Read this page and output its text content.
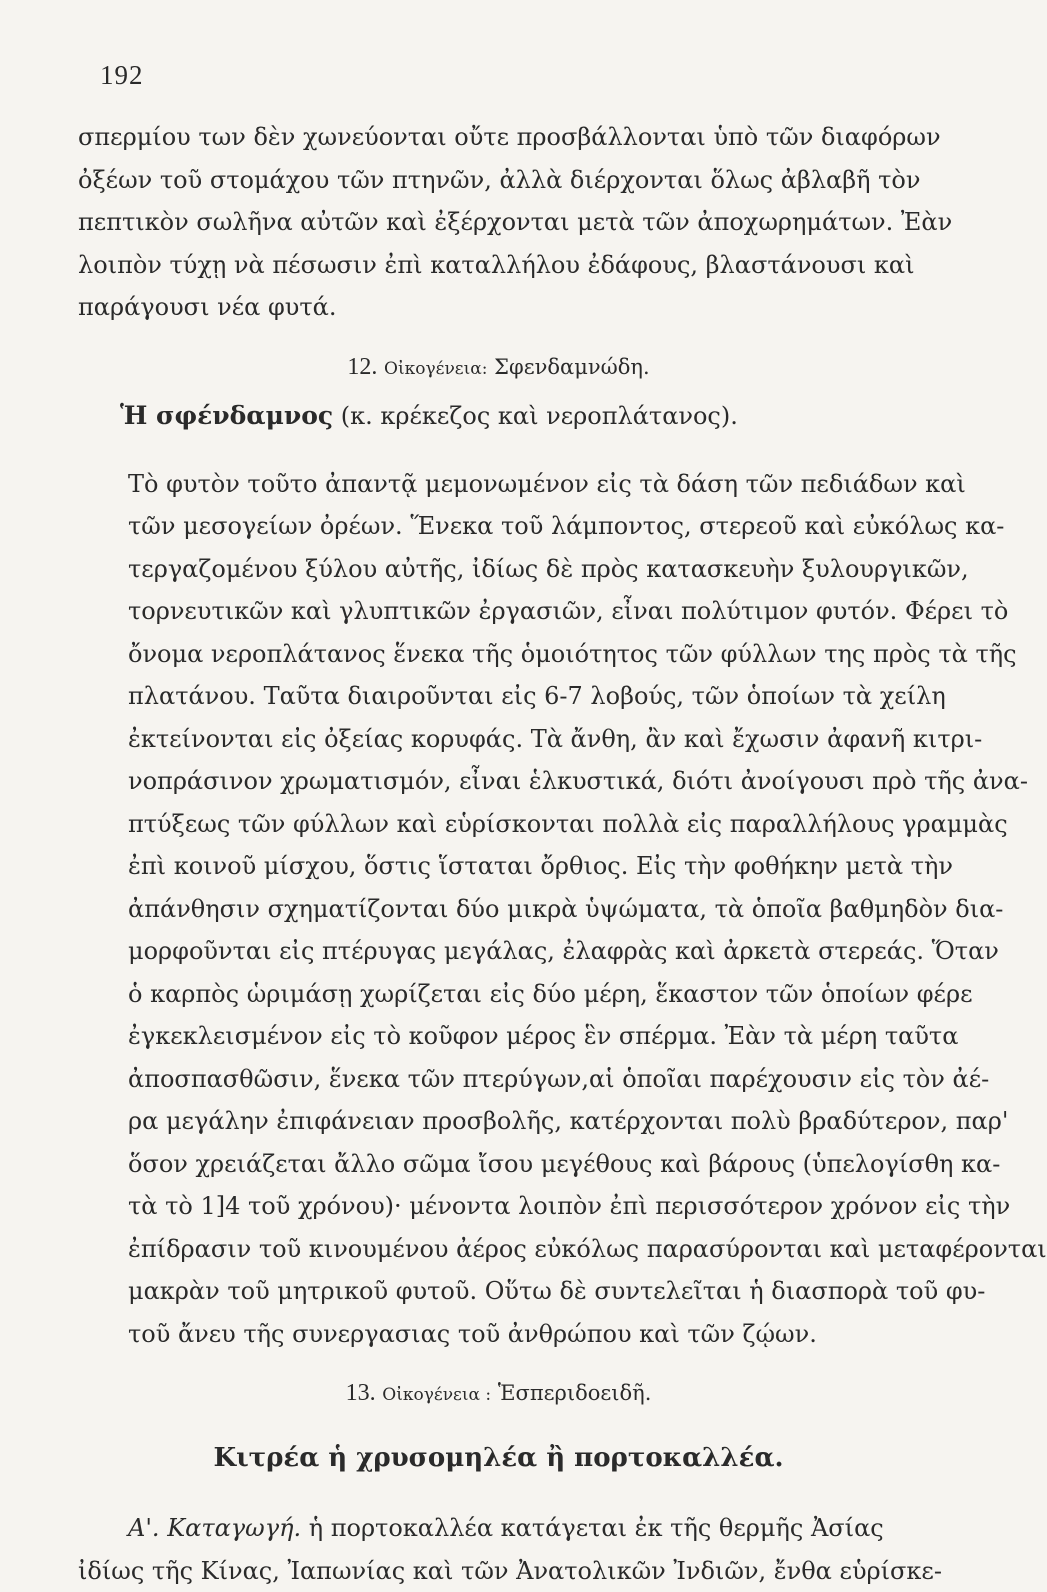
192

σπερμίου των δὲν χωνεύονται οὔτε προσβάλλονται ὑπὸ τῶν διαφόρων
ὀξέων τοῦ στομάχου τῶν πτηνῶν, ἀλλὰ διέρχονται ὅλως ἀβλαβῆ τὸν
πεπτικὸν σωλῆνα αὐτῶν καὶ ἐξέρχονται μετὰ τῶν ἀποχωρημάτων. Ἐὰν
λοιπὸν τύχῃ νὰ πέσωσιν ἐπὶ καταλλήλου ἐδάφους, βλαστάνουσι καὶ
παράγουσι νέα φυτά.

12. Οἰκογένεια: Σφενδαμνώδη.
Ἡ σφένδαμνος (κ. κρέκεζος καὶ νεροπλάτανος).

Τὸ φυτὸν τοῦτο ἀπαντᾷ μεμονωμένον εἰς τὰ δάση τῶν πεδιάδων καὶ
τῶν μεσογείων ὀρέων. Ἕνεκα τοῦ λάμποντος, στερεοῦ καὶ εὐκόλως κα-
τεργαζομένου ξύλου αὐτῆς, ἰδίως δὲ πρὸς κατασκευὴν ξυλουργικῶν,
τορνευτικῶν καὶ γλυπτικῶν ἐργασιῶν, εἶναι πολύτιμον φυτόν. Φέρει τὸ
ὄνομα νεροπλάτανος ἕνεκα τῆς ὁμοιότητος τῶν φύλλων της πρὸς τὰ τῆς
πλατάνου. Ταῦτα διαιροῦνται εἰς 6-7 λοβούς, τῶν ὁποίων τὰ χείλη
ἐκτείνονται εἰς ὀξείας κορυφάς. Τὰ ἄνθη, ἂν καὶ ἔχωσιν ἀφανῆ κιτρι-
νοπράσινον χρωματισμόν, εἶναι ἑλκυστικά, διότι ἀνοίγουσι πρὸ τῆς ἀνα-
πτύξεως τῶν φύλλων καὶ εὑρίσκονται πολλὰ εἰς παραλλήλους γραμμὰς
ἐπὶ κοινοῦ μίσχου, ὅστις ἵσταται ὄρθιος. Εἰς τὴν φοθήκην μετὰ τὴν
ἀπάνθησιν σχηματίζονται δύο μικρὰ ὑψώματα, τὰ ὁποῖα βαθμηδὸν δια-
μορφοῦνται εἰς πτέρυγας μεγάλας, ἐλαφρὰς καὶ ἀρκετὰ στερεάς. Ὅταν
ὁ καρπὸς ὡριμάσῃ χωρίζεται εἰς δύο μέρη, ἕκαστον τῶν ὁποίων φέρε
ἐγκεκλεισμένον εἰς τὸ κοῦφον μέρος ἓν σπέρμα. Ἐὰν τὰ μέρη ταῦτα
ἀποσπασθῶσιν, ἕνεκα τῶν πτερύγων,αἱ ὁποῖαι παρέχουσιν εἰς τὸν ἀέ-
ρα μεγάλην ἐπιφάνειαν προσβολῆς, κατέρχονται πολὺ βραδύτερον, παρ'
ὅσον χρειάζεται ἄλλο σῶμα ἴσου μεγέθους καὶ βάρους (ὑπελογίσθη κα-
τὰ τὸ 1]4 τοῦ χρόνου)· μένοντα λοιπὸν ἐπὶ περισσότερον χρόνον εἰς τὴν
ἐπίδρασιν τοῦ κινουμένου ἀέρος εὐκόλως παρασύρονται καὶ μεταφέρονται
μακρὰν τοῦ μητρικοῦ φυτοῦ. Οὕτω δὲ συντελεῖται ἡ διασπορὰ τοῦ φυ-
τοῦ ἄνευ τῆς συνεργασιας τοῦ ἀνθρώπου καὶ τῶν ζῴων.

13. Οἰκογένεια : Ἑσπεριδοειδῆ.
Κιτρέα ἡ χρυσομηλέα ἢ πορτοκαλλέα.

Α'. Καταγωγή. ἡ πορτοκαλλέα κατάγεται ἐκ τῆς θερμῆς Ἀσίας
ἰδίως τῆς Κίνας, Ἰαπωνίας καὶ τῶν Ἀνατολικῶν Ἰνδιῶν, ἔνθα εὑρίσκε-
